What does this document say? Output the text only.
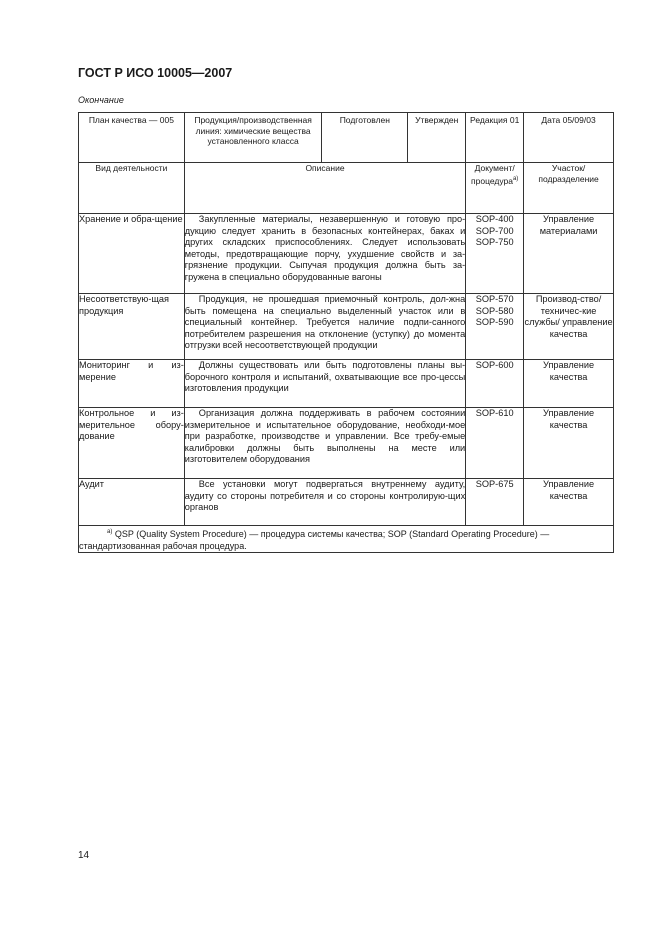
ГОСТ Р ИСО 10005—2007
Окончание
План качества — 005	Продукция/производственная линия: химические вещества установленного класса	Подготовлен	Утвержден	Редакция 01	Дата 05/09/03
Вид деятельности	Описание			Документ/ процедура$^{а)}$	Участок/ подразделение
Хранение и обра-щение	Закупленные материалы, незавершенную и готовую про-дукцию следует хранить в безопасных контейнерах, баках и других складских приспособлениях. Следует использовать методы, предотвращающие порчу, ухудшение свойств и за-грязнение продукции. Сыпучая продукция должна быть за-гружена в специально оборудованные вагоны			SOP-400 SOP-700 SOP-750	Управление материалами
Несоответствую-щая продукция	Продукция, не прошедшая приемочный контроль, дол-жна быть помещена на специально выделенный участок или в специальный контейнер. Требуется наличие подпи-санного потребителем разрешения на отклонение (уступку) до момента отгрузки всей несоответствующей продукции			SOP-570 SOP-580 SOP-590	Производ-ство/техничес-кие службы/ управление качества
Мониторинг и из-мерение	Должны существовать или быть подготовлены планы вы-борочного контроля и испытаний, охватывающие все про-цессы изготовления продукции			SOP-600	Управление качества
Контрольное и из-мерительное обору-дование	Организация должна поддерживать в рабочем состоянии измерительное и испытательное оборудование, необходи-мое при разработке, производстве и управлении. Все требу-емые калибровки должны быть выполнены на месте или изготовителем оборудования			SOP-610	Управление качества
Аудит	Все установки могут подвергаться внутреннему аудиту, аудиту со стороны потребителя и со стороны контролирую-щих органов			SOP-675	Управление качества
$^{а)}$ QSP (Quality System Procedure) — процедура системы качества; SOP (Standard Operating Procedure) — стандартизованная рабочая процедура.					
14
